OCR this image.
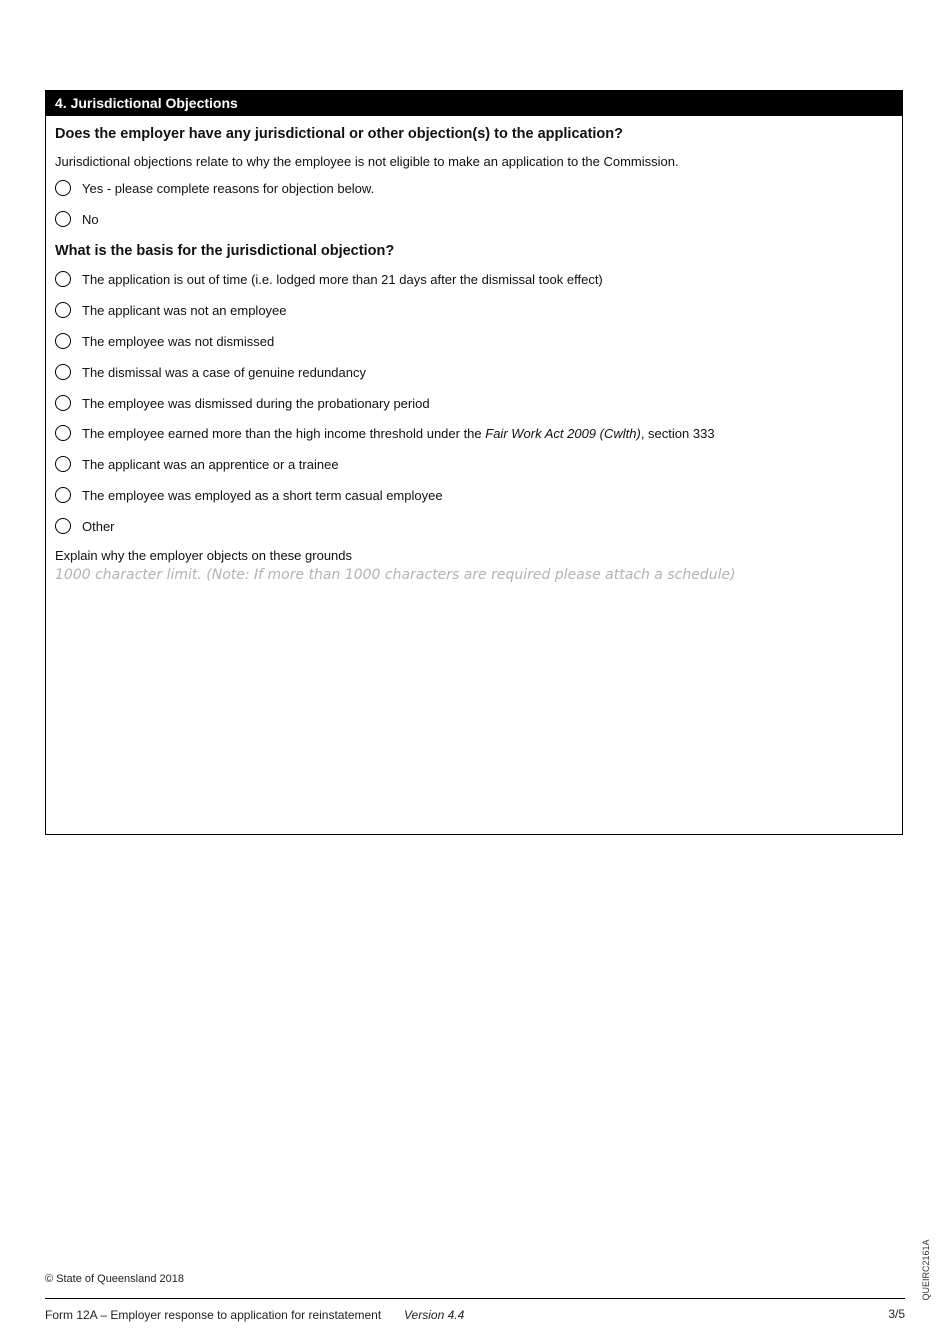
4. Jurisdictional Objections
Does the employer have any jurisdictional or other objection(s) to the application?
Jurisdictional objections relate to why the employee is not eligible to make an application to the Commission.
Yes - please complete reasons for objection below.
No
What is the basis for the jurisdictional objection?
The application is out of time (i.e. lodged more than 21 days after the dismissal took effect)
The applicant was not an employee
The employee was not dismissed
The dismissal was a case of genuine redundancy
The employee was dismissed during the probationary period
The employee earned more than the high income threshold under the Fair Work Act 2009 (Cwlth), section 333
The applicant was an apprentice or a trainee
The employee was employed as a short term casual employee
Other
Explain why the employer objects on these grounds
1000 character limit. (Note: If more than 1000 characters are required please attach a schedule)
© State of Queensland 2018
Form 12A – Employer response to application for reinstatement Version 4.4	3/5
QUEIRC2161A
